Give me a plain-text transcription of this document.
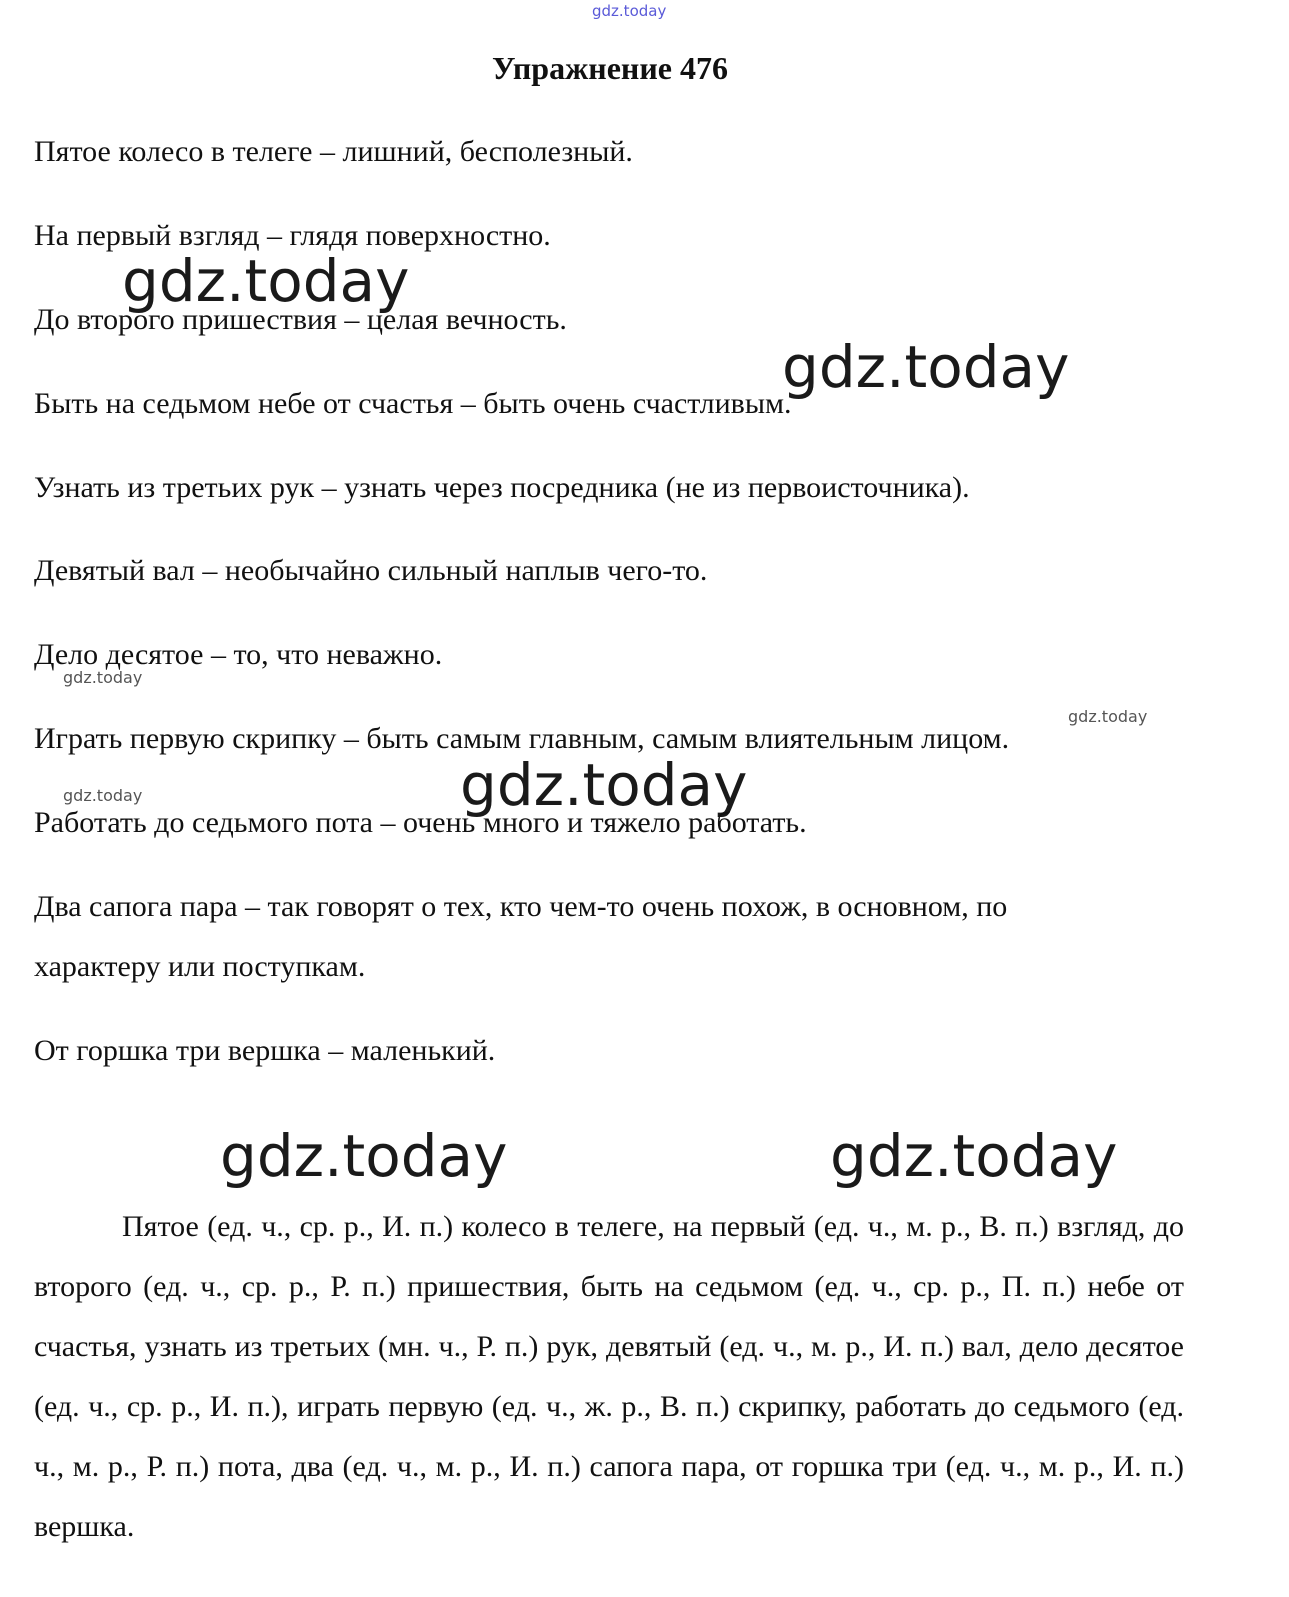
gdz.today
gdz.today
gdz.today
gdz.today
gdz.today
gdz.today
gdz.today
gdz.today	gdz.today
Упражнение 476
Пятое колесо в телеге – лишний, бесполезный.
На первый взгляд – глядя поверхностно.
До второго пришествия – целая вечность.
Быть на седьмом небе от счастья – быть очень счастливым.
Узнать из третьих рук – узнать через посредника (не из первоисточника).
Девятый вал – необычайно сильный наплыв чего-то.
Дело десятое – то, что неважно.
Играть первую скрипку – быть самым главным, самым влиятельным лицом.
Работать до седьмого пота – очень много и тяжело работать.
Два сапога пара – так говорят о тех, кто чем-то очень похож, в основном, по
характеру или поступкам.
От горшка три вершка – маленький.
Пятое (ед. ч., ср. р., И. п.) колесо в телеге, на первый (ед. ч., м. р., В. п.) взгляд, до второго (ед. ч., ср. р., Р. п.) пришествия, быть на седьмом (ед. ч., ср. р., П. п.) небе от счастья, узнать из третьих (мн. ч., Р. п.) рук, девятый (ед. ч., м. р., И. п.) вал, дело десятое (ед. ч., ср. р., И. п.), играть первую (ед. ч., ж. р., В. п.) скрипку, работать до седьмого (ед. ч., м. р., Р. п.) пота, два (ед. ч., м. р., И. п.) сапога пара, от горшка три (ед. ч., м. р., И. п.) вершка.
